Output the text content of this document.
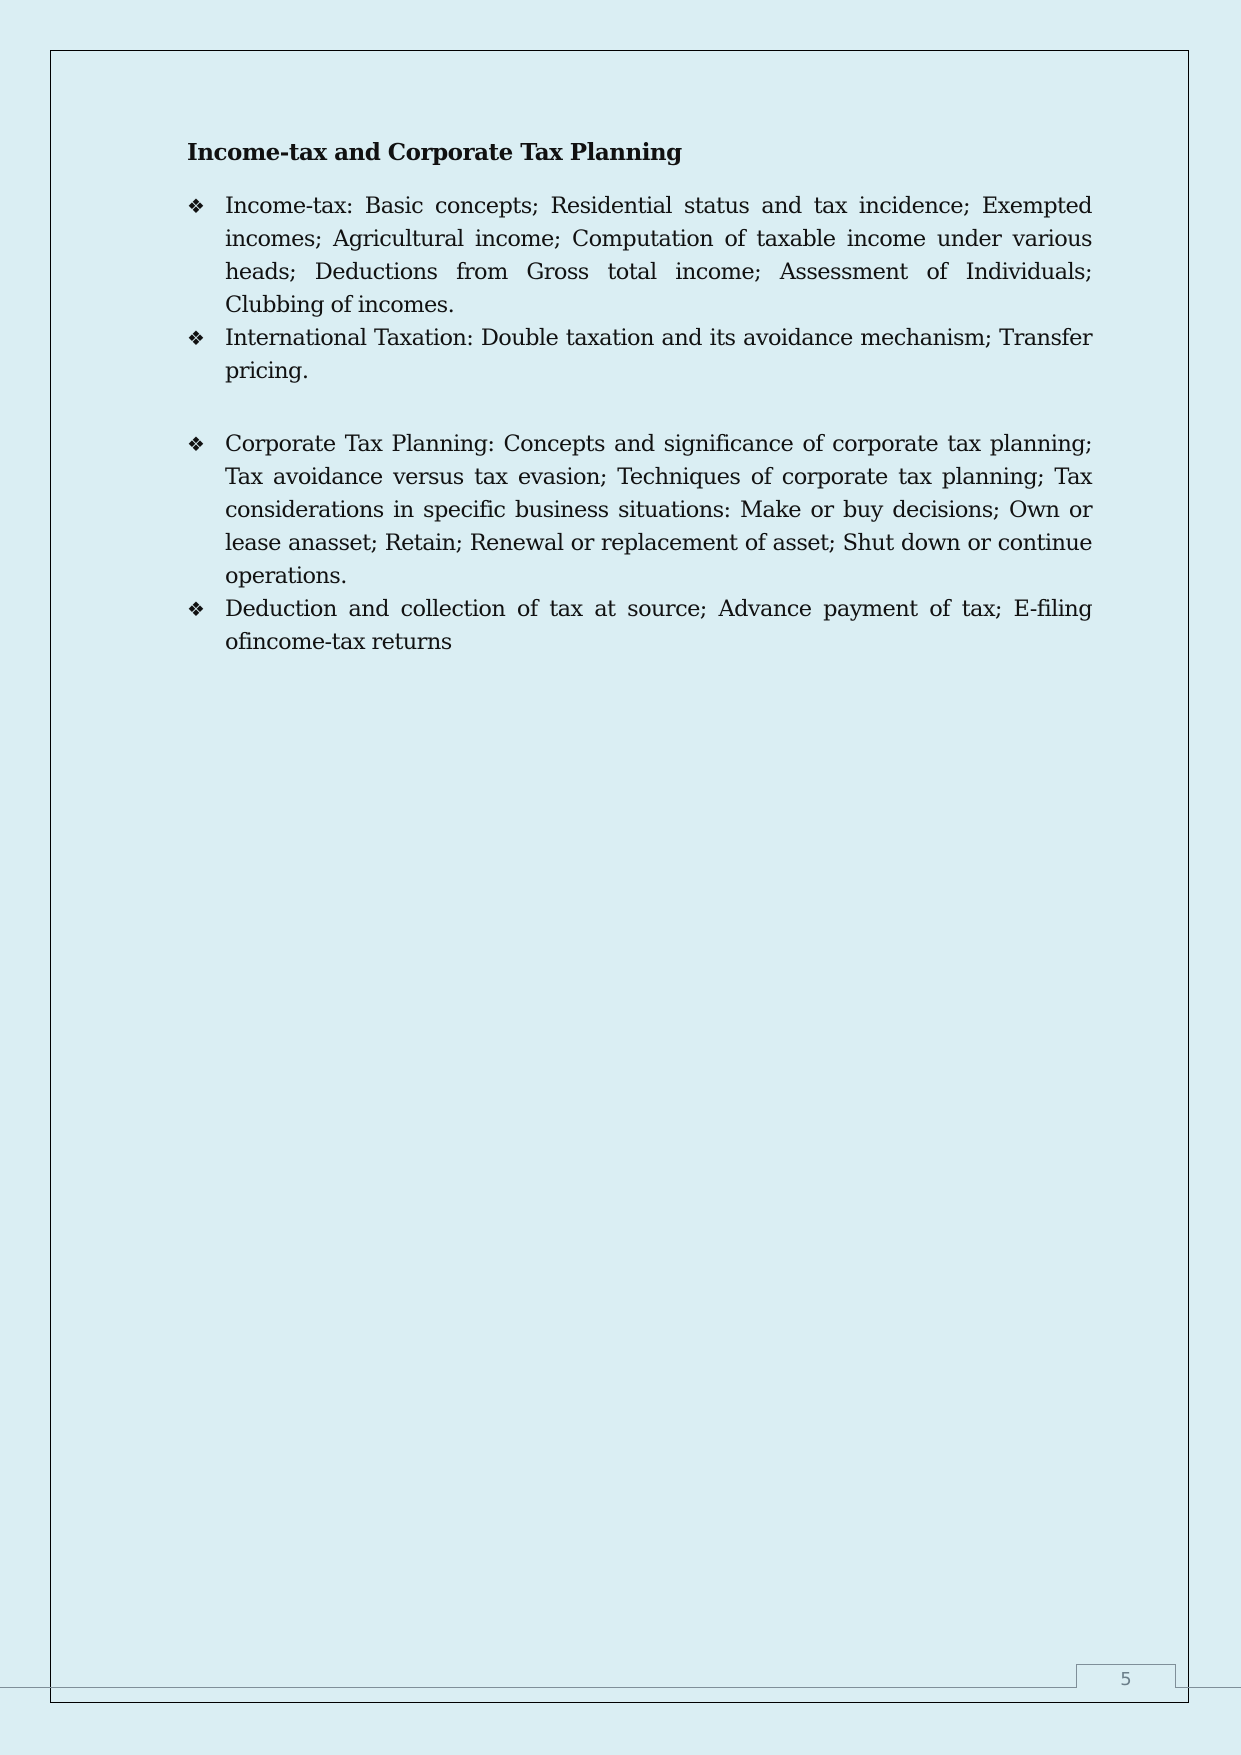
Income-tax and Corporate Tax Planning
❖ Income-tax: Basic concepts; Residential status and tax incidence; Exempted incomes; Agricultural income; Computation of taxable income under various heads; Deductions from Gross total income; Assessment of Individuals; Clubbing of incomes.
❖ International Taxation: Double taxation and its avoidance mechanism; Transfer pricing.
❖ Corporate Tax Planning: Concepts and significance of corporate tax planning; Tax avoidance versus tax evasion; Techniques of corporate tax planning; Tax considerations in specific business situations: Make or buy decisions; Own or lease anasset; Retain; Renewal or replacement of asset; Shut down or continue operations.
❖ Deduction and collection of tax at source; Advance payment of tax; E-filing ofincome-tax returns
5
